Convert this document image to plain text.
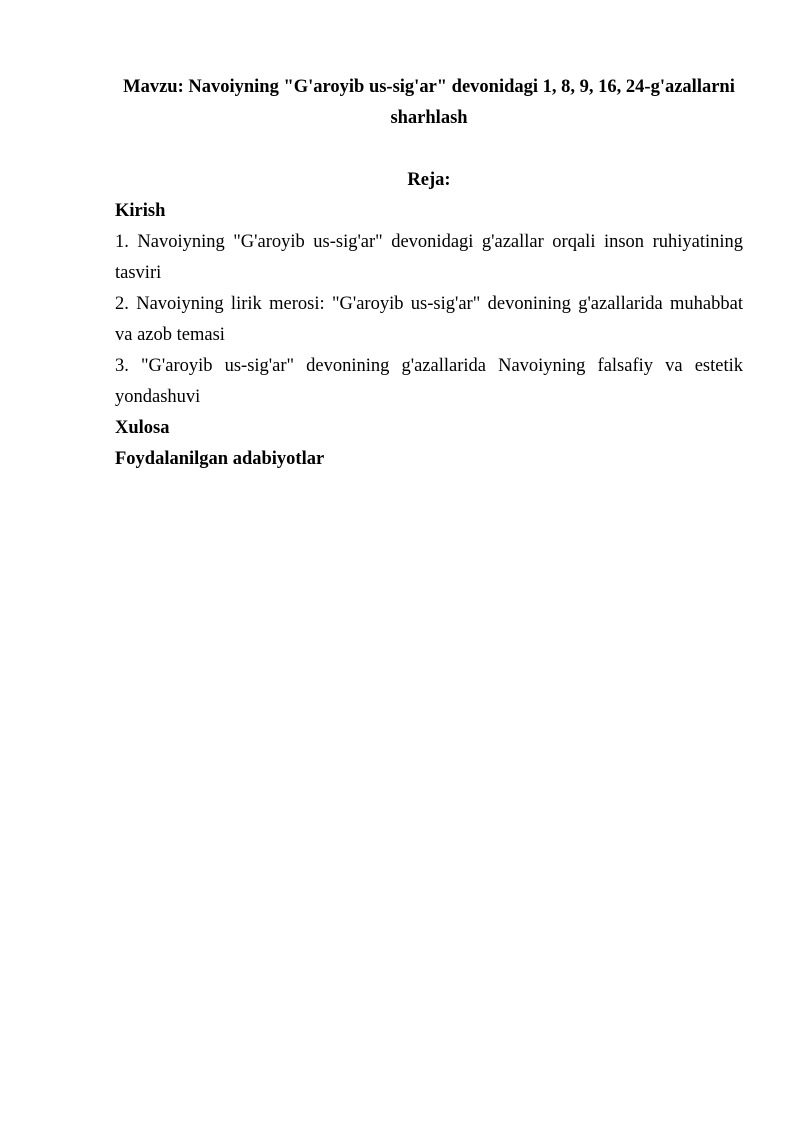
Mavzu: Navoiyning "G'aroyib us-sig'ar" devonidagi 1, 8, 9, 16, 24-g'azallarni sharhlash

Reja:

Kirish

1. Navoiyning "G'aroyib us-sig'ar" devonidagi g'azallar orqali inson ruhiyatining tasviri
2. Navoiyning lirik merosi: "G'aroyib us-sig'ar" devonining g'azallarida muhabbat va azob temasi
3. "G'aroyib us-sig'ar" devonining g'azallarida Navoiyning falsafiy va estetik yondashuvi

Xulosa

Foydalanilgan adabiyotlar
